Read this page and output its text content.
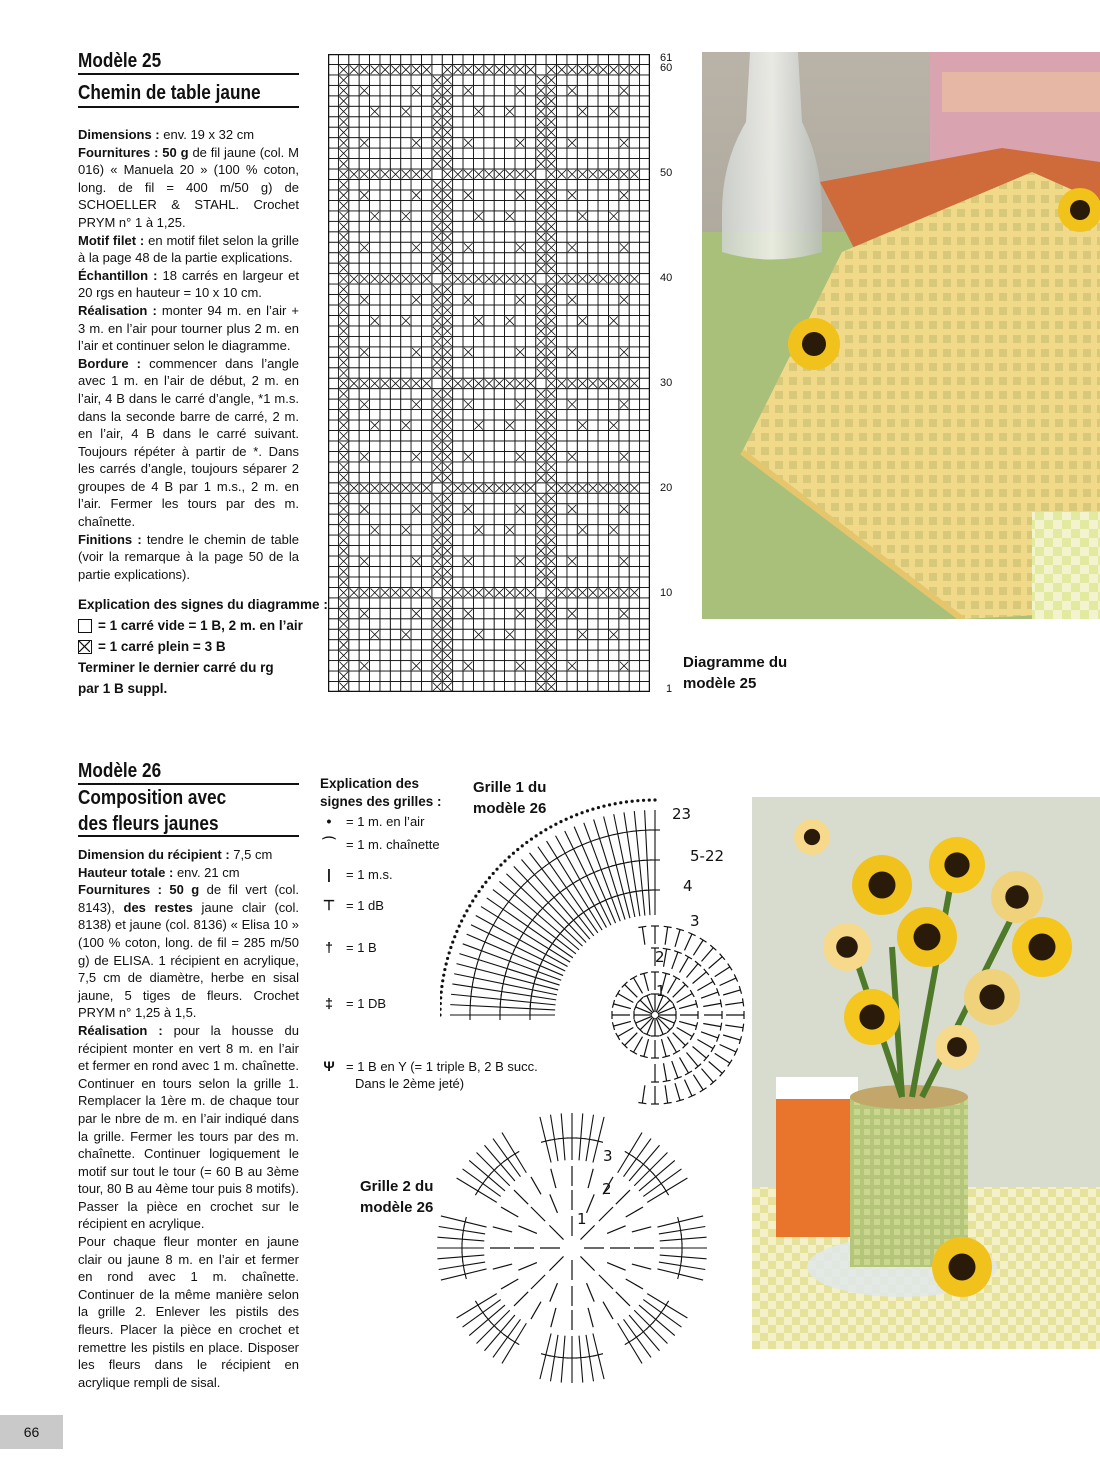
Modèle 25
Chemin de table jaune

Dimensions : env. 19 x 32 cm

Fournitures : 50 g de fil jaune (col. M 016) « Manuela 20 » (100 % coton, long. de fil = 400 m/50 g) de SCHOELLER & STAHL. Crochet PRYM n° 1 à 1,25.

Motif filet : en motif filet selon la grille à la page 48 de la partie explications.

Échantillon : 18 carrés en largeur et 20 rgs en hauteur = 10 x 10 cm.

Réalisation : monter 94 m. en l’air + 3 m. en l’air pour tourner plus 2 m. en l’air et continuer selon le diagramme.

Bordure : commencer dans l’angle avec 1 m. en l’air de début, 2 m. en l’air, 4 B dans le carré d’angle, *1 m.s. dans la seconde barre de carré, 2 m. en l’air, 4 B dans le carré suivant. Toujours répéter à partir de *. Dans les carrés d’angle, toujours séparer 2 groupes de 4 B par 1 m.s., 2 m. en l’air. Fermer les tours par des m. chaînette.

Finitions : tendre le chemin de table (voir la remarque à la page 50 de la partie explications).

Explication des signes du diagramme :
= 1 carré vide = 1 B, 2 m. en l’air
= 1 carré plein = 3 B
Terminer le dernier carré du rg
par 1 B suppl.
61
60
50
40
30
20
10
1
Diagramme du
modèle 25
Modèle 26
Composition avec
des fleurs jaunes

Dimension du récipient : 7,5 cm

Hauteur totale : env. 21 cm

Fournitures : 50 g de fil vert (col. 8143), des restes jaune clair (col. 8138) et jaune (col. 8136) « Elisa 10 » (100 % coton, long. de fil = 285 m/50 g) de ELISA. 1 récipient en acrylique, 7,5 cm de diamètre, herbe en sisal jaune, 5 tiges de fleurs. Crochet PRYM n° 1,25 à 1,5.

Réalisation : pour la housse du récipient monter en vert 8 m. en l’air et fermer en rond avec 1 m. chaînette. Continuer en tours selon la grille 1. Remplacer la 1ère m. de chaque tour par le nbre de m. en l’air indiqué dans la grille. Fermer les tours par des m. chaînette. Continuer logiquement le motif sur tout le tour (= 60 B au 3ème tour, 80 B au 4ème tour puis 8 motifs). Passer la pièce en crochet sur le récipient en acrylique.

Pour chaque fleur monter en jaune clair ou jaune 8 m. en l’air et fermer en rond avec 1 m. chaînette. Continuer de la même manière selon la grille 2. Enlever les pistils des fleurs. Placer la pièce en crochet et remettre les pistils en place. Disposer les fleurs dans le récipient en acrylique rempli de sisal.

Explication des
signes des grilles :
•	= 1 m. en l’air
⌒ = 1 m. chaînette
|	= 1 m.s.
⊤ = 1 dB
†	= 1 B
‡	= 1 DB
Ψ = 1 B en Y (= 1 triple B, 2 B succ.
Dans le 2ème jeté)
Grille 1 du
modèle 26
Grille 2 du
modèle 26
23
5-22
4
3
2
1
3
2
1
66
